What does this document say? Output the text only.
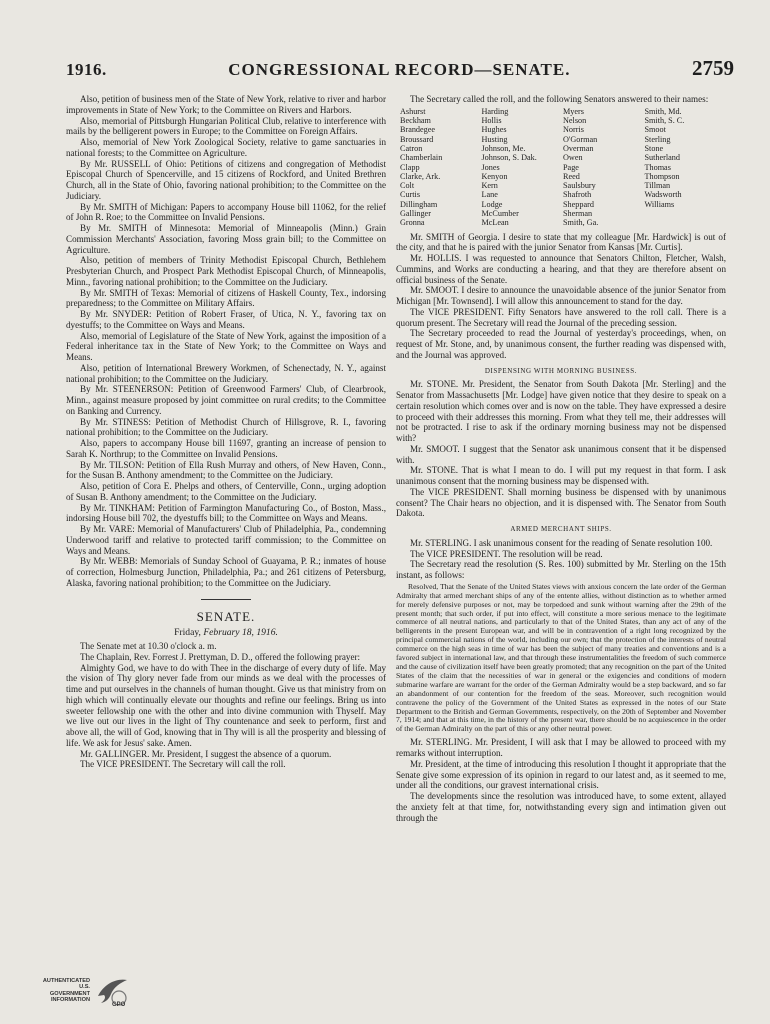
1916.	CONGRESSIONAL RECORD—SENATE.	2759

Also, petition of business men of the State of New York, relative to river and harbor improvements in State of New York; to the Committee on Rivers and Harbors.

Also, memorial of Pittsburgh Hungarian Political Club, relative to interference with mails by the belligerent powers in Europe; to the Committee on Foreign Affairs.

Also, memorial of New York Zoological Society, relative to game sanctuaries in national forests; to the Committee on Agriculture.

By Mr. RUSSELL of Ohio: Petitions of citizens and congregation of Methodist Episcopal Church of Spencerville, and 15 citizens of Rockford, and United Brethren Church, all in the State of Ohio, favoring national prohibition; to the Committee on the Judiciary.

By Mr. SMITH of Michigan: Papers to accompany House bill 11062, for the relief of John R. Roe; to the Committee on Invalid Pensions.

By Mr. SMITH of Minnesota: Memorial of Minneapolis (Minn.) Grain Commission Merchants' Association, favoring Moss grain bill; to the Committee on Agriculture.

Also, petition of members of Trinity Methodist Episcopal Church, Bethlehem Presbyterian Church, and Prospect Park Methodist Episcopal Church, of Minneapolis, Minn., favoring national prohibition; to the Committee on the Judiciary.

By Mr. SMITH of Texas: Memorial of citizens of Haskell County, Tex., indorsing preparedness; to the Committee on Military Affairs.

By Mr. SNYDER: Petition of Robert Fraser, of Utica, N. Y., favoring tax on dyestuffs; to the Committee on Ways and Means.

Also, memorial of Legislature of the State of New York, against the imposition of a Federal inheritance tax in the State of New York; to the Committee on Ways and Means.

Also, petition of International Brewery Workmen, of Schenectady, N. Y., against national prohibition; to the Committee on the Judiciary.

By Mr. STEENERSON: Petition of Greenwood Farmers' Club, of Clearbrook, Minn., against measure proposed by joint committee on rural credits; to the Committee on Banking and Currency.

By Mr. STINESS: Petition of Methodist Church of Hillsgrove, R. I., favoring national prohibition; to the Committee on the Judiciary.

Also, papers to accompany House bill 11697, granting an increase of pension to Sarah K. Northrup; to the Committee on Invalid Pensions.

By Mr. TILSON: Petition of Ella Rush Murray and others, of New Haven, Conn., for the Susan B. Anthony amendment; to the Committee on the Judiciary.

Also, petition of Cora E. Phelps and others, of Centerville, Conn., urging adoption of Susan B. Anthony amendment; to the Committee on the Judiciary.

By Mr. TINKHAM: Petition of Farmington Manufacturing Co., of Boston, Mass., indorsing House bill 702, the dyestuffs bill; to the Committee on Ways and Means.

By Mr. VARE: Memorial of Manufacturers' Club of Philadelphia, Pa., condemning Underwood tariff and relative to protected tariff commission; to the Committee on Ways and Means.

By Mr. WEBB: Memorials of Sunday School of Guayama, P. R.; inmates of house of correction, Holmesburg Junction, Philadelphia, Pa.; and 261 citizens of Petersburg, Alaska, favoring national prohibition; to the Committee on the Judiciary.

SENATE.

Friday, February 18, 1916.

The Senate met at 10.30 o'clock a. m.

The Chaplain, Rev. Forrest J. Prettyman, D. D., offered the following prayer:

Almighty God, we have to do with Thee in the discharge of every duty of life. May the vision of Thy glory never fade from our minds as we deal with the processes of time and put ourselves in the channels of human thought. Give us that ministry from on high which will continually elevate our thoughts and refine our feelings. Bring us into sweeter fellowship one with the other and into divine communion with Thyself. May we live out our lives in the light of Thy countenance and seek to perform, first and above all, the will of God, knowing that in Thy will is all the prosperity and blessing of life. We ask for Jesus' sake. Amen.

Mr. GALLINGER. Mr. President, I suggest the absence of a quorum.

The VICE PRESIDENT. The Secretary will call the roll.

The Secretary called the roll, and the following Senators answered to their names:

Ashurst	Harding	Myers	Smith, Md.
Beckham	Hollis	Nelson	Smith, S. C.
Brandegee	Hughes	Norris	Smoot
Broussard	Husting	O'Gorman	Sterling
Catron	Johnson, Me.	Overman	Stone
Chamberlain	Johnson, S. Dak.	Owen	Sutherland
Clapp	Jones	Page	Thomas
Clarke, Ark.	Kenyon	Reed	Thompson
Colt	Kern	Saulsbury	Tillman
Curtis	Lane	Shafroth	Wadsworth
Dillingham	Lodge	Sheppard	Williams
Gallinger	McCumber	Sherman
Gronna	McLean	Smith, Ga.

Mr. SMITH of Georgia. I desire to state that my colleague [Mr. Hardwick] is out of the city, and that he is paired with the junior Senator from Kansas [Mr. Curtis].

Mr. HOLLIS. I was requested to announce that Senators Chilton, Fletcher, Walsh, Cummins, and Works are conducting a hearing, and that they are therefore absent on official business of the Senate.

Mr. SMOOT. I desire to announce the unavoidable absence of the junior Senator from Michigan [Mr. Townsend]. I will allow this announcement to stand for the day.

The VICE PRESIDENT. Fifty Senators have answered to the roll call. There is a quorum present. The Secretary will read the Journal of the preceding session.

The Secretary proceeded to read the Journal of yesterday's proceedings, when, on request of Mr. Stone, and, by unanimous consent, the further reading was dispensed with, and the Journal was approved.

DISPENSING WITH MORNING BUSINESS.

Mr. STONE. Mr. President, the Senator from South Dakota [Mr. Sterling] and the Senator from Massachusetts [Mr. Lodge] have given notice that they desire to speak on a certain resolution which comes over and is now on the table. They have expressed a desire to proceed with their addresses this morning. From what they tell me, their addresses will not be protracted. I rise to ask if the ordinary morning business may not be dispensed with?

Mr. SMOOT. I suggest that the Senator ask unanimous consent that it be dispensed with.

Mr. STONE. That is what I mean to do. I will put my request in that form. I ask unanimous consent that the morning business may be dispensed with.

The VICE PRESIDENT. Shall morning business be dispensed with by unanimous consent? The Chair hears no objection, and it is dispensed with. The Senator from South Dakota.

ARMED MERCHANT SHIPS.

Mr. STERLING. I ask unanimous consent for the reading of Senate resolution 100.

The VICE PRESIDENT. The resolution will be read.

The Secretary read the resolution (S. Res. 100) submitted by Mr. Sterling on the 15th instant, as follows:

Resolved, That the Senate of the United States views with anxious concern the late order of the German Admiralty that armed merchant ships of any of the entente allies, without distinction as to whether armed for merely defensive purposes or not, may be torpedoed and sunk without warning after the 29th of the present month; that such order, if put into effect, will constitute a more serious menace to the legitimate commerce of all neutral nations, and particularly to that of the United States, than any act of any of the belligerents in the present European war, and will be in contravention of a right long recognized by the principal commercial nations of the world, including our own; that the protection of the interests of neutral commerce on the high seas in time of war has been the subject of many treaties and conventions and is a favored subject in international law, and that through these instrumentalities the freedom of such commerce and the cause of civilization itself have been greatly promoted; that any recognition on the part of the United States of the claim that the necessities of war in general or the exigencies and conditions of modern submarine warfare are warrant for the order of the German Admiralty would be a step backward, and so far an abandonment of our contention for the freedom of the seas. Moreover, such recognition would contravene the policy of the Government of the United States as expressed in the notes of our State Department to the British and German Governments, respectively, on the 20th of September and November 7, 1914; and that at this time, in the history of the present war, there should be no acquiescence in the order of the German Admiralty on the part of this or any other neutral power.

Mr. STERLING. Mr. President, I will ask that I may be allowed to proceed with my remarks without interruption.

Mr. President, at the time of introducing this resolution I thought it appropriate that the Senate give some expression of its opinion in regard to our latest and, as it seemed to me, under all the conditions, our gravest international crisis.

The developments since the resolution was introduced have, to some extent, allayed the anxiety felt at that time, for, notwithstanding every sign and intimation given out through the

AUTHENTICATED
U.S. GOVERNMENT
INFORMATION
GPO
